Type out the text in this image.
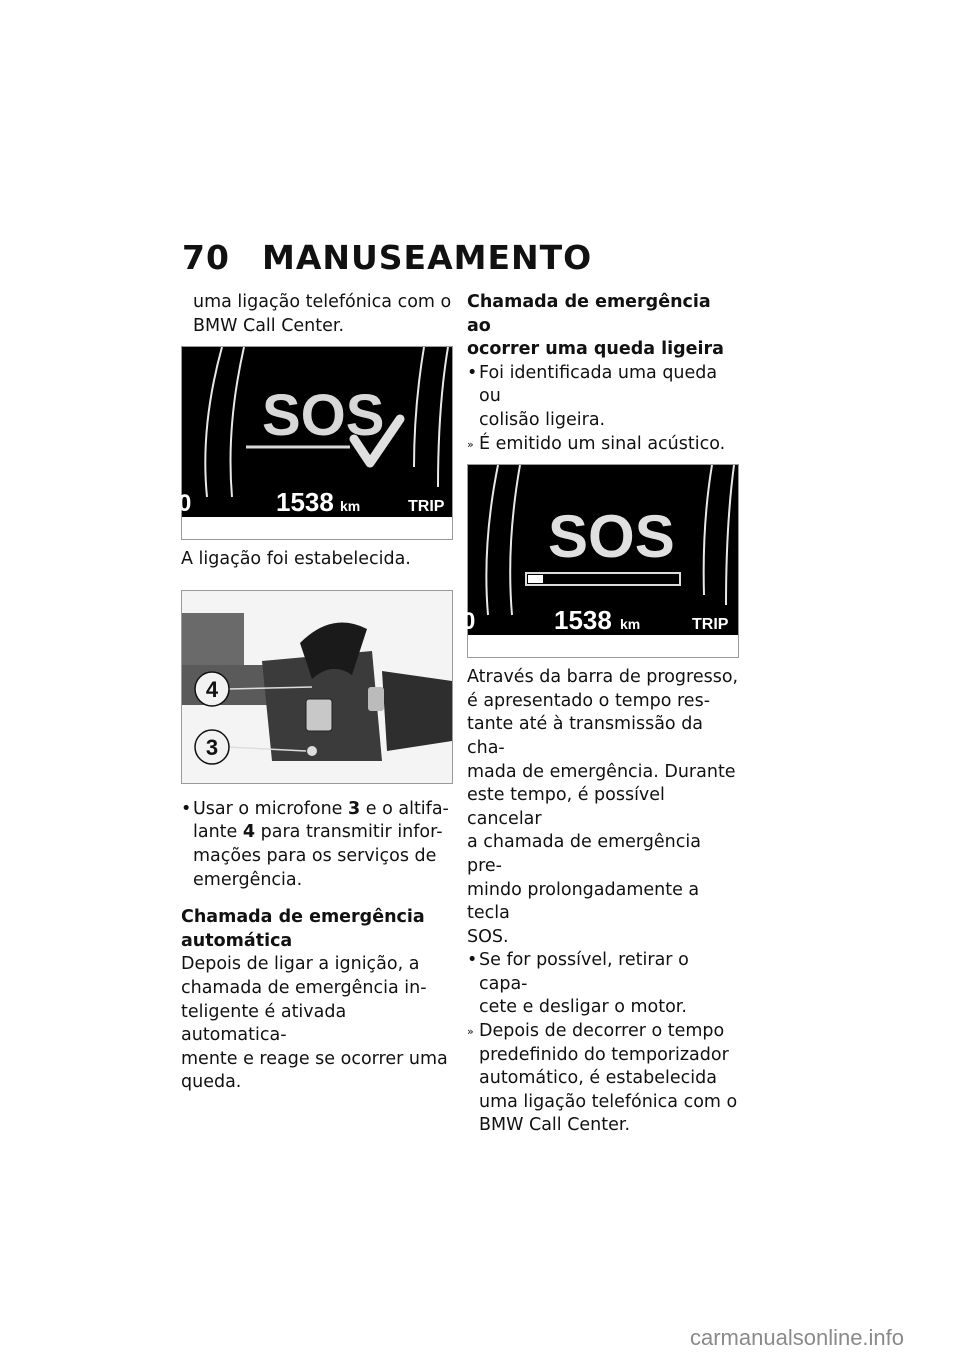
70 MANUSEAMENTO

uma ligação telefónica com o

BMW Call Center.

SOS
0	1538 km	TRIP

A ligação foi estabelecida.

4
3
• Usar o microfone 3 e o altifa-

lante 4 para transmitir infor-

mações para os serviços de

emergência.

Chamada de emergência

automática

Depois de ligar a ignição, a

chamada de emergência in-

teligente é ativada automatica-

mente e reage se ocorrer uma

queda.

Chamada de emergência ao

ocorrer uma queda ligeira

• Foi identificada uma queda ou

colisão ligeira.

» É emitido um sinal acústico.

SOS
0	1538 km	TRIP

Através da barra de progresso,

é apresentado o tempo res-

tante até à transmissão da cha-

mada de emergência. Durante

este tempo, é possível cancelar

a chamada de emergência pre-

mindo prolongadamente a tecla

SOS.

• Se for possível, retirar o capa-

cete e desligar o motor.

» Depois de decorrer o tempo

predefinido do temporizador

automático, é estabelecida

uma ligação telefónica com o

BMW Call Center.

carmanualsonline.info
